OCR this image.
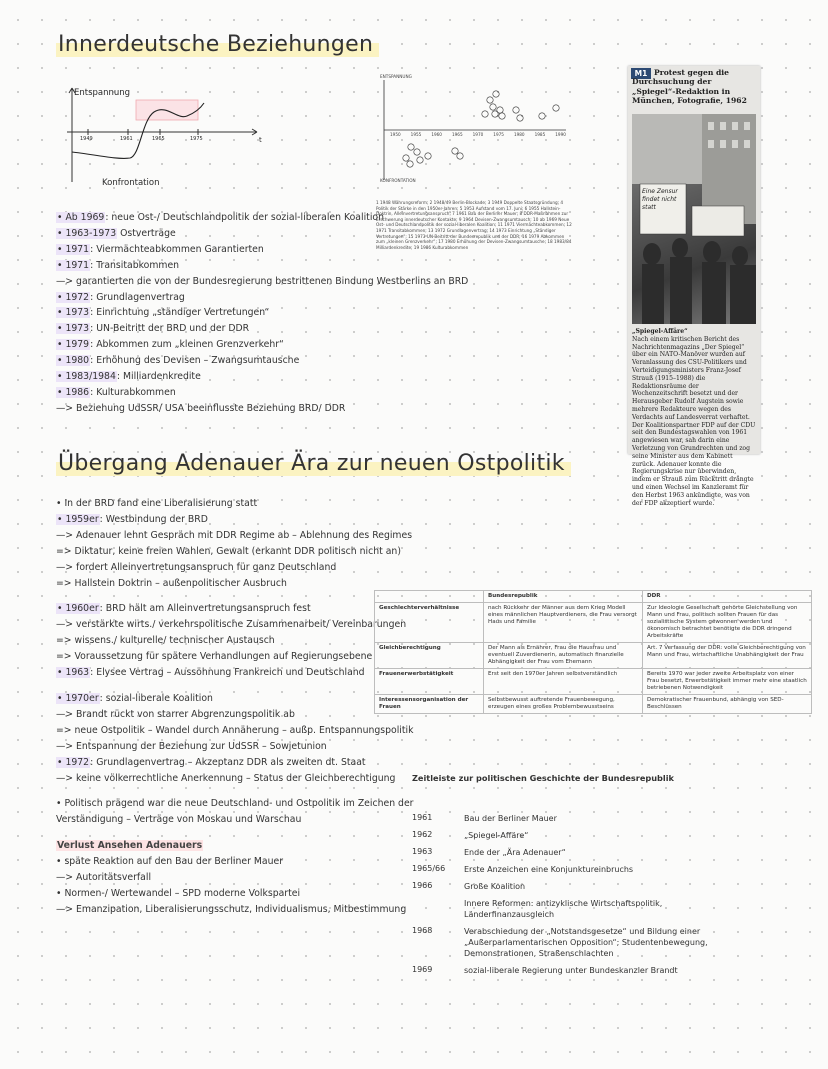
Innerdeutsche Beziehungen
Entspannung
Konfrontation
1949	1961	1965	1975	t
ENTSPANNUNG
KONFRONTATION
1950 1955 1960 1965 1970 1975 1980 1985 1990
1 1948 Währungsreform; 2 1948/49 Berlin-Blockade; 3 1949 Doppelte Staatsgründung; 4 Politik der Stärke in den 1950er-Jahren; 5 1953 Aufstand vom 17. Juni; 6 1955 Hallstein-Doktrin, Alleinvertretungsanspruch; 7 1961 Bau der Berliner Mauer; 8 DDR-Maßnahmen zur Erschwerung innerdeutscher Kontakte; 9 1964 Devisen-Zwangsumtausch; 10 ab 1969 Neue Ost- und Deutschlandpolitik der sozial-liberalen Koalition; 11 1971 Viermächteabkommen; 12 1971 Transitabkommen; 13 1972 Grundlagenvertrag; 14 1973 Einrichtung „Ständiger Vertretungen“; 15 1973 UN-Beitritt der Bundesrepublik und der DDR; 16 1979 Abkommen zum „kleinen Grenzverkehr“; 17 1980 Erhöhung der Devisen-Zwangsumtausche; 18 1983/84 Milliardenkredite; 19 1986 Kulturabkommen
M1 Protest gegen die Durchsuchung der „Spiegel“-Redaktion in München, Fotografie, 1962
Eine Zensur findet nicht statt
„Spiegel-Affäre“
Nach einem kritischen Bericht des Nachrichtenmagazins „Der Spiegel“ über ein NATO-Manöver wurden auf Veranlassung des CSU-Politikers und Verteidigungsministers Franz-Josef Strauß (1915–1988) die Redaktionsräume der Wochenzeitschrift besetzt und der Herausgeber Rudolf Augstein sowie mehrere Redakteure wegen des Verdachts auf Landesverrat verhaftet. Der Koalitionspartner FDP auf der CDU seit den Bundestagswahlen von 1961 angewiesen war, sah darin eine Verletzung von Grundrechten und zog seine Minister aus dem Kabinett zurück. Adenauer konnte die Regierungskrise nur überwinden, indem er Strauß zum Rücktritt drängte und einen Wechsel im Kanzleramt für den Herbst 1963 ankündigte, was von der FDP akzeptiert wurde.
• Ab 1969: neue Ost-/ Deutschlandpolitik der sozial-liberalen Koalition
• 1963-1973 Ostverträge
• 1971: Viermächteabkommen Garantierten
• 1971: Transitabkommen
—> garantierten die von der Bundesregierung bestrittenen Bindung Westberlins an BRD
• 1972: Grundlagenvertrag
• 1973: Einrichtung „ständiger Vertretungen“
• 1973: UN-Beitritt der BRD und der DDR
• 1979: Abkommen zum „kleinen Grenzverkehr“
• 1980: Erhöhung des Devisen – Zwangsumtausche
• 1983/1984: Milliardenkredite
• 1986: Kulturabkommen
—> Beziehung UdSSR/ USA beeinflusste Beziehung BRD/ DDR
Übergang Adenauer Ära zur neuen Ostpolitik
• In der BRD fand eine Liberalisierung statt
• 1959er: Westbindung der BRD
—> Adenauer lehnt Gespräch mit DDR Regime ab – Ablehnung des Regimes
=> Diktatur, keine freien Wahlen, Gewalt (erkannt DDR politisch nicht an)
—> fordert Alleinvertretungsanspruch für ganz Deutschland
=> Hallstein Doktrin – außenpolitischer Ausbruch
• 1960er: BRD hält am Alleinvertretungsanspruch fest
—> verstärkte wirts./ verkehrspolitische Zusammenarbeit/ Vereinbarungen
=> wissens./ kulturelle/ technischer Austausch
=> Voraussetzung für spätere Verhandlungen auf Regierungsebene
• 1963: Elysee Vertrag – Aussöhnung Frankreich und Deutschland
• 1970er: sozial-liberale Koalition
—> Brandt rückt von starrer Abgrenzungspolitik ab
=> neue Ostpolitik – Wandel durch Annäherung – außp. Entspannungspolitik
—> Entspannung der Beziehung zur UdSSR – Sowjetunion
• 1972: Grundlagenvertrag – Akzeptanz DDR als zweiten dt. Staat
—> keine völkerrechtliche Anerkennung – Status der Gleichberechtigung
• Politisch prägend war die neue Deutschland- und Ostpolitik im Zeichen der
Verständigung – Verträge von Moskau und Warschau
Verlust Ansehen Adenauers
• späte Reaktion auf den Bau der Berliner Mauer
—> Autoritätsverfall
• Normen-/ Wertewandel – SPD moderne Volkspartei
—> Emanzipation, Liberalisierungsschutz, Individualismus, Mitbestimmung
	Bundesrepublik	DDR
Geschlechterverhältnisse	nach Rückkehr der Männer aus dem Krieg Modell eines männlichen Hauptverdieners, die Frau versorgt Haus und Familie	Zur Ideologie Gesellschaft gehörte Gleichstellung von Mann und Frau, politisch sollten Frauen für das sozialistische System gewonnen werden und ökonomisch betrachtet benötigte die DDR dringend Arbeitskräfte
Gleichberechtigung	Der Mann als Ernährer, Frau die Hausfrau und eventuell Zuverdienerin, automatisch finanzielle Abhängigkeit der Frau vom Ehemann	Art. 7 Verfassung der DDR: volle Gleichberechtigung von Mann und Frau, wirtschaftliche Unabhängigkeit der Frau
Frauenerwerbstätigkeit	Erst seit den 1970er Jahren selbstverständlich	Bereits 1970 war jeder zweite Arbeitsplatz von einer Frau besetzt, Erwerbstätigkeit immer mehr eine staatlich betriebenen Notwendigkeit
Interessensorganisation der Frauen	Selbstbewusst auftretende Frauenbewegung, erzeugen eines großes Problembewusstseins	Demokratischer Frauenbund, abhängig von SED-Beschlüssen
Zeitleiste zur politischen Geschichte der Bundesrepublik
1961	Bau der Berliner Mauer
1962	„Spiegel-Affäre“
1963	Ende der „Ära Adenauer“
1965/66	Erste Anzeichen eine Konjunktureinbruchs
1966	Große Koalition
Innere Reformen: antizyklische Wirtschaftspolitik, Länderfinanzausgleich
1968	Verabschiedung der „Notstandsgesetze“ und Bildung einer „Außerparlamentarischen Opposition“; Studentenbewegung, Demonstrationen, Straßenschlachten
1969	sozial-liberale Regierung unter Bundeskanzler Brandt
